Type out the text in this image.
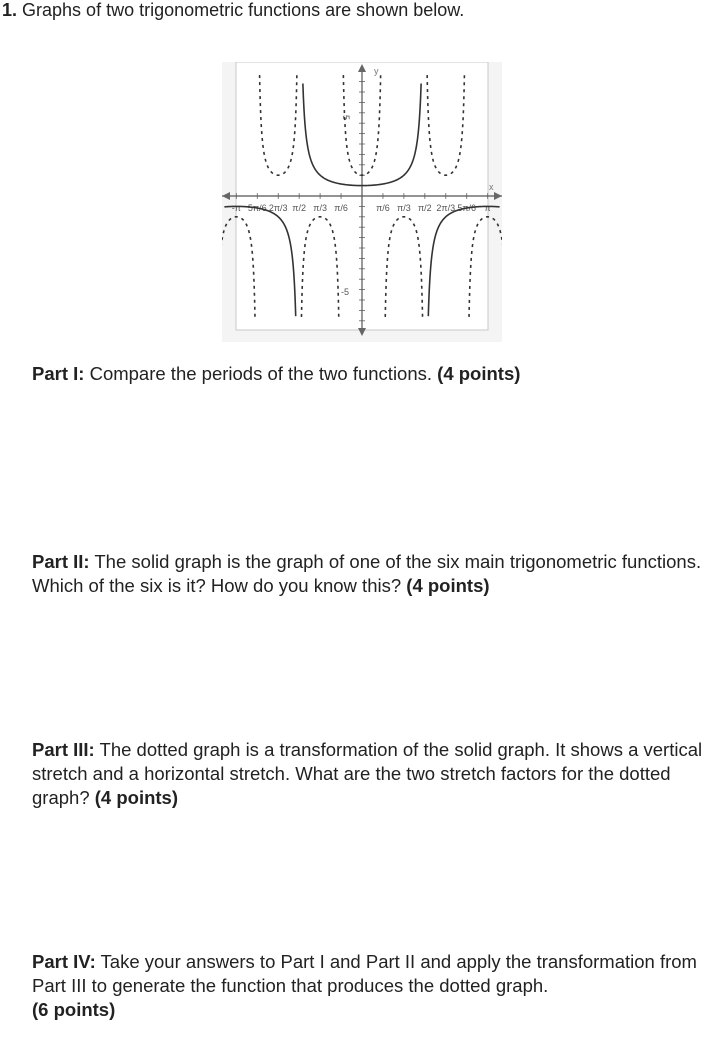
1. Graphs of two trigonometric functions are shown below.

y
x
5
-5
-π 5π/6 2π/3 π/2 π/3 π/6	π/6 π/3 π/2 2π/3 5π/6 π

Part I: Compare the periods of the two functions. (4 points)

Part II: The solid graph is the graph of one of the six main trigonometric functions. Which of the six is it? How do you know this? (4 points)

Part III: The dotted graph is a transformation of the solid graph. It shows a vertical stretch and a horizontal stretch. What are the two stretch factors for the dotted graph? (4 points)

Part IV: Take your answers to Part I and Part II and apply the transformation from Part III to generate the function that produces the dotted graph.
(6 points)
